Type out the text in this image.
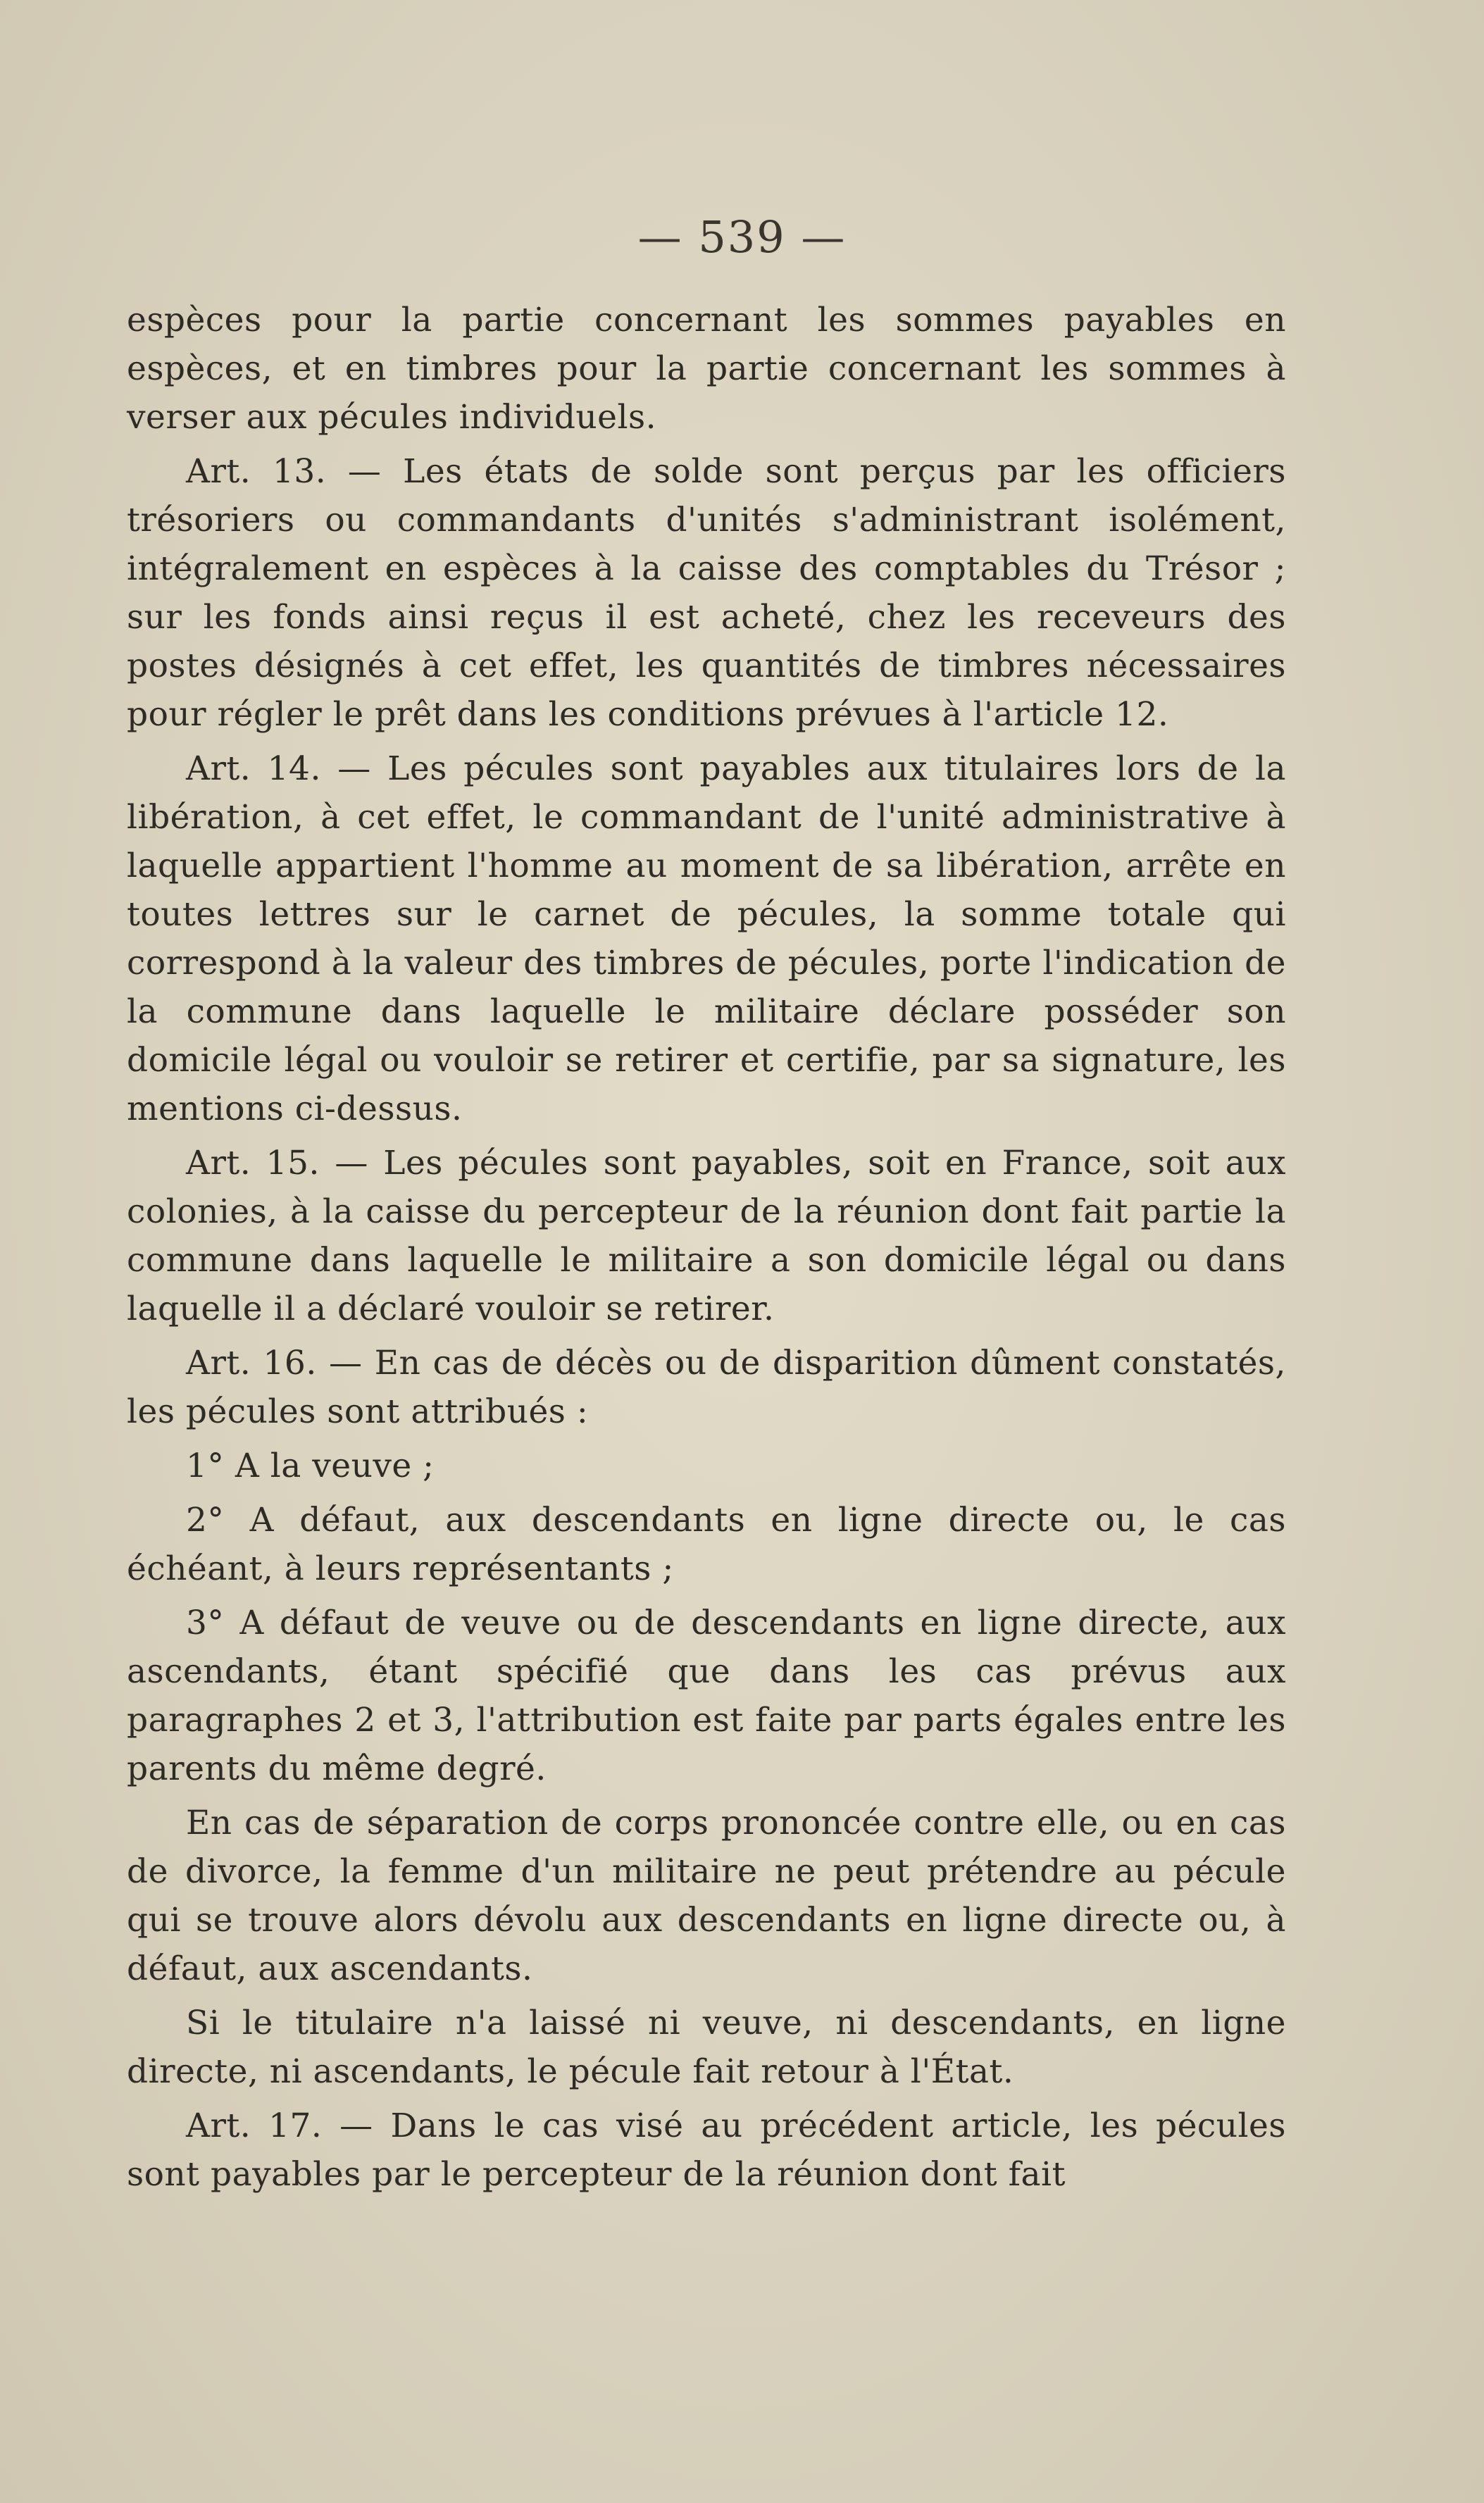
— 539 —

espèces pour la partie concernant les sommes payables en espèces, et en timbres pour la partie concernant les sommes à verser aux pécules individuels.

Art. 13. — Les états de solde sont perçus par les officiers trésoriers ou commandants d'unités s'administrant isolément, intégralement en espèces à la caisse des comptables du Trésor ; sur les fonds ainsi reçus il est acheté, chez les receveurs des postes désignés à cet effet, les quantités de timbres nécessaires pour régler le prêt dans les conditions prévues à l'article 12.

Art. 14. — Les pécules sont payables aux titulaires lors de la libération, à cet effet, le commandant de l'unité administrative à laquelle appartient l'homme au moment de sa libération, arrête en toutes lettres sur le carnet de pécules, la somme totale qui correspond à la valeur des timbres de pécules, porte l'indication de la commune dans laquelle le militaire déclare posséder son domicile légal ou vouloir se retirer et certifie, par sa signature, les mentions ci-dessus.

Art. 15. — Les pécules sont payables, soit en France, soit aux colonies, à la caisse du percepteur de la réunion dont fait partie la commune dans laquelle le militaire a son domicile légal ou dans laquelle il a déclaré vouloir se retirer.

Art. 16. — En cas de décès ou de disparition dûment constatés, les pécules sont attribués :

1° A la veuve ;

2° A défaut, aux descendants en ligne directe ou, le cas échéant, à leurs représentants ;

3° A défaut de veuve ou de descendants en ligne directe, aux ascendants, étant spécifié que dans les cas prévus aux paragraphes 2 et 3, l'attribution est faite par parts égales entre les parents du même degré.

En cas de séparation de corps prononcée contre elle, ou en cas de divorce, la femme d'un militaire ne peut prétendre au pécule qui se trouve alors dévolu aux descendants en ligne directe ou, à défaut, aux ascendants.

Si le titulaire n'a laissé ni veuve, ni descendants, en ligne directe, ni ascendants, le pécule fait retour à l'État.

Art. 17. — Dans le cas visé au précédent article, les pécules sont payables par le percepteur de la réunion dont fait
